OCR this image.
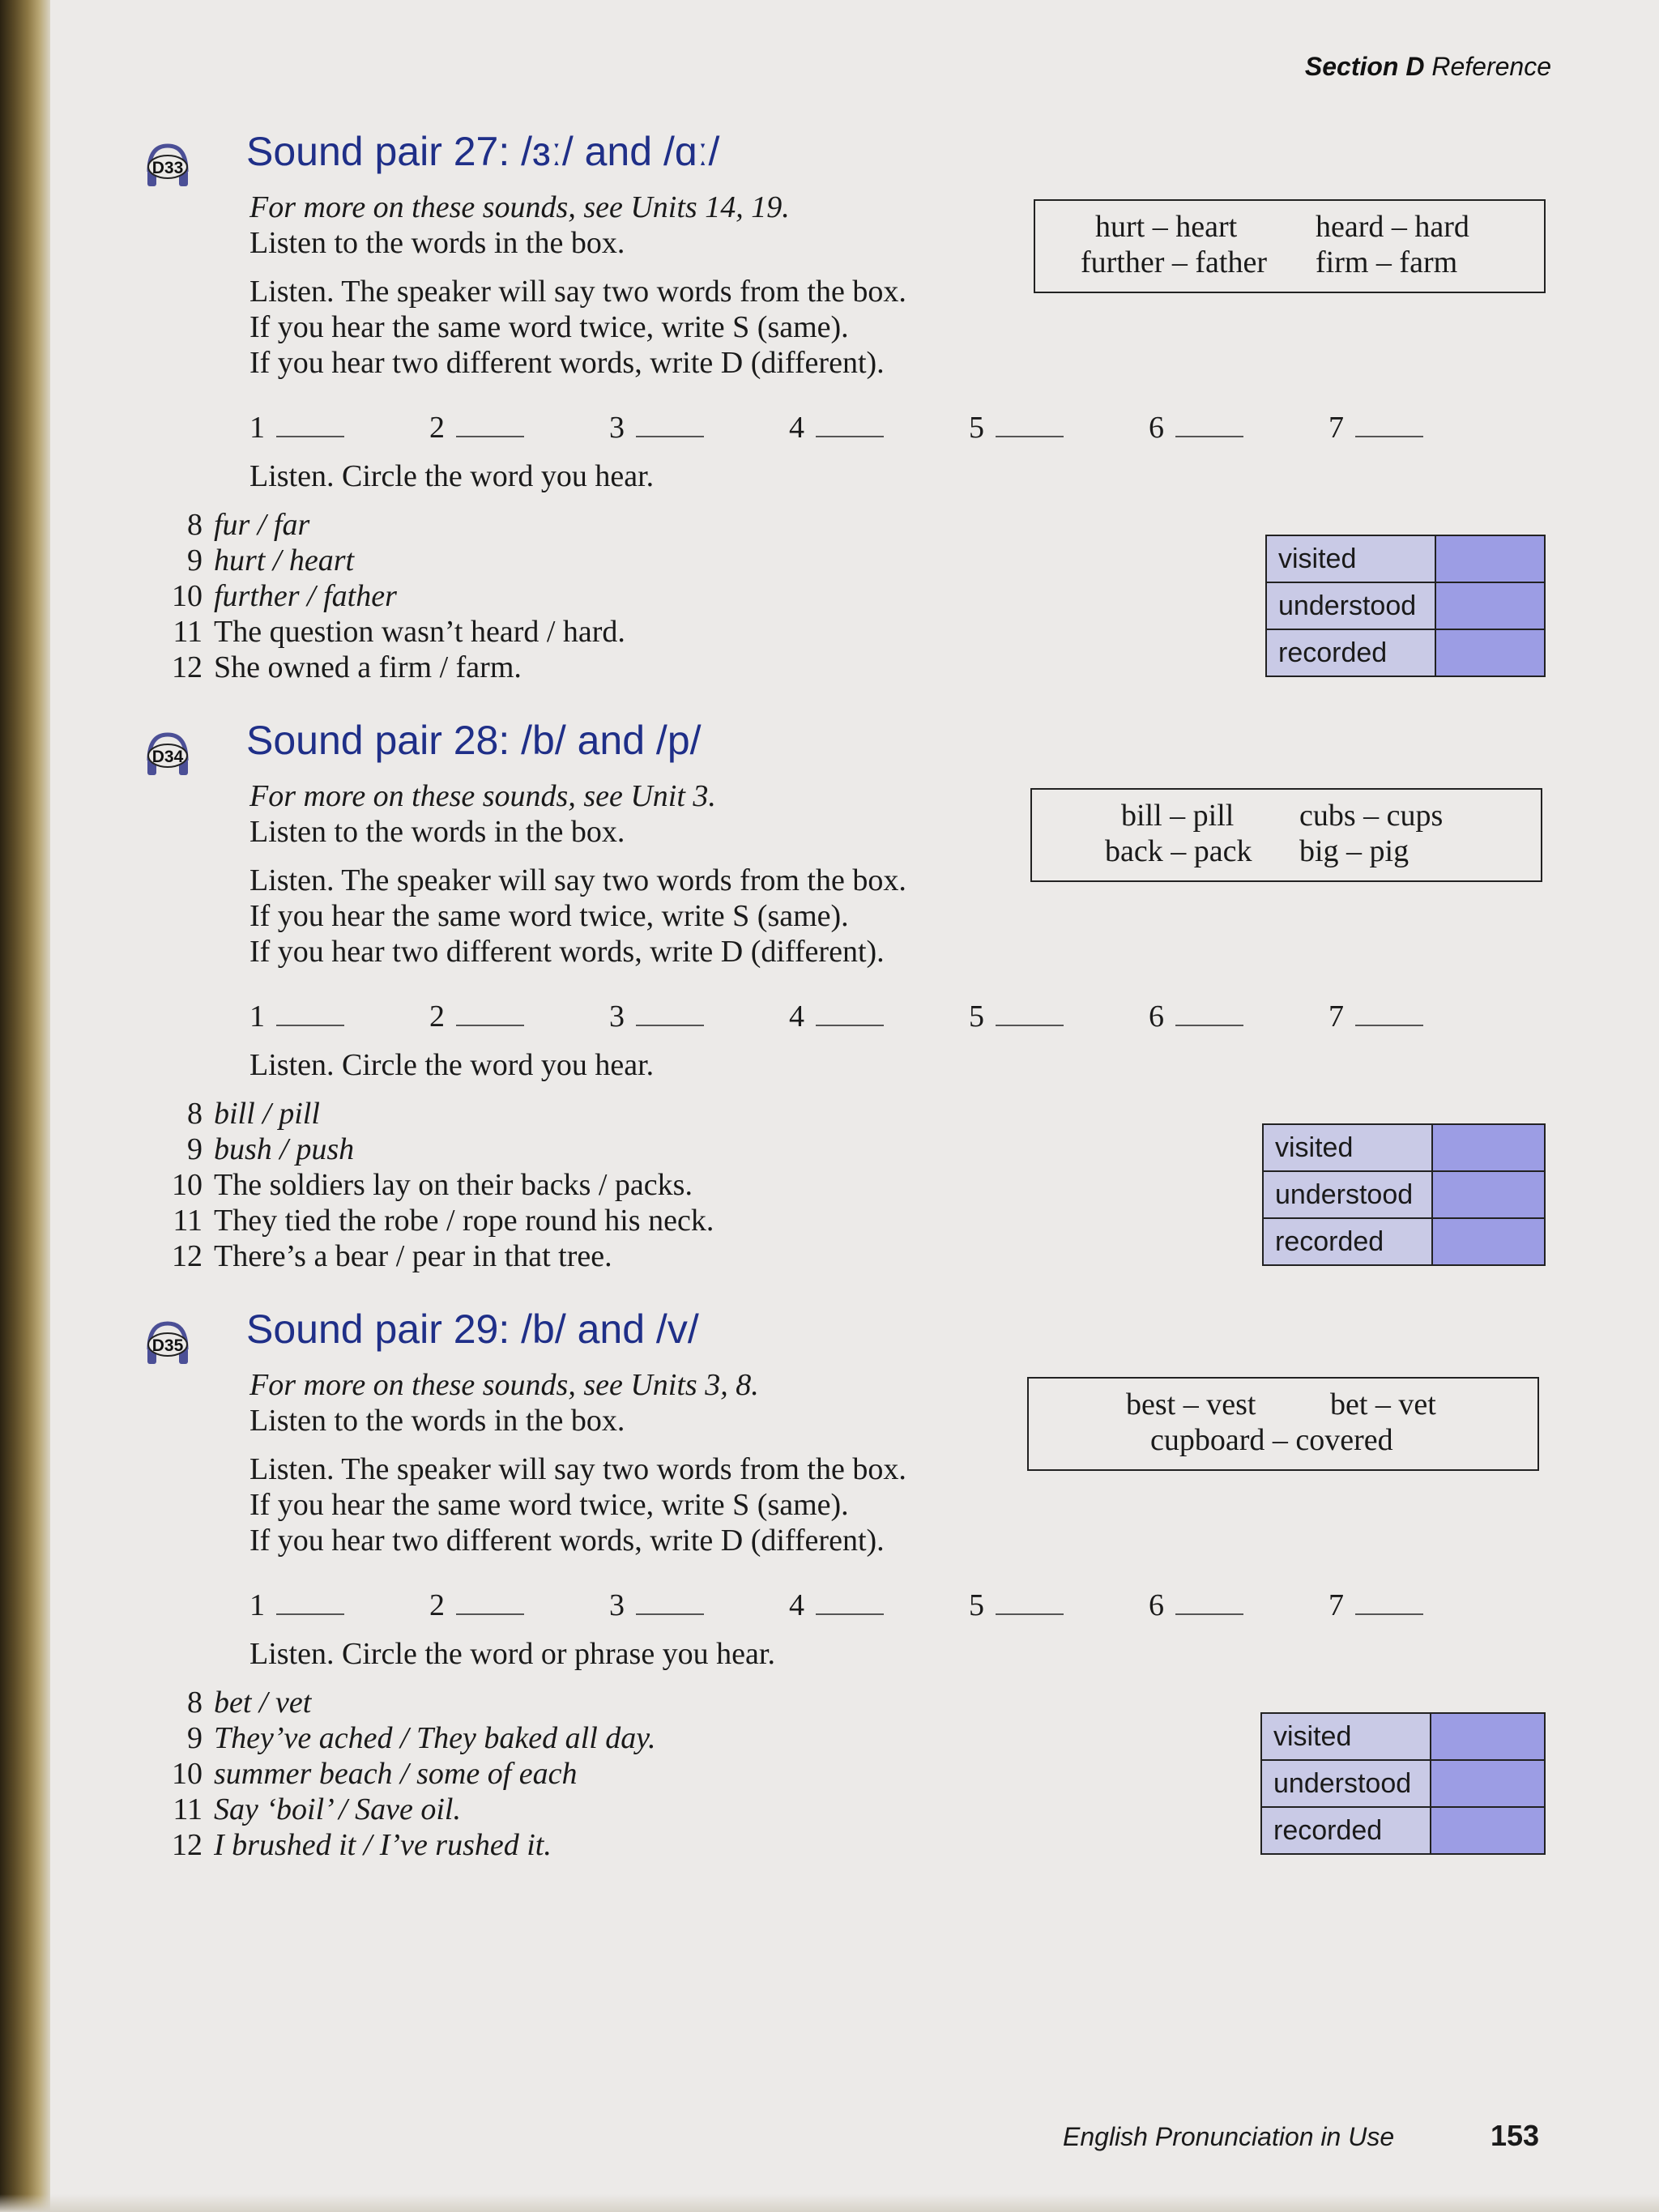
Section D Reference
D33 Sound pair 27: /ɜː/ and /ɑː/
For more on these sounds, see Units 14, 19.
Listen to the words in the box.	hurt – heart	heard – hard
further – father firm – farm
Listen. The speaker will say two words from the box.
If you hear the same word twice, write S (same).
If you hear two different words, write D (different).
1	2	3	4	5	6	7
Listen. Circle the word you hear.
8 fur / far
9 hurt / heart
10 further / father
11 The question wasn’t heard / hard.
12 She owned a firm / farm.
visited	
understood	
recorded	
D34 Sound pair 28: /b/ and /p/
For more on these sounds, see Unit 3.
Listen to the words in the box.	bill – pill cubs – cups
back – pack big – pig
Listen. The speaker will say two words from the box.
If you hear the same word twice, write S (same).
If you hear two different words, write D (different).
1	2	3	4	5	6	7
Listen. Circle the word you hear.
8 bill / pill
9 bush / push
10 The soldiers lay on their backs / packs.
11 They tied the robe / rope round his neck.
12 There’s a bear / pear in that tree.
visited	
understood	
recorded	
D35 Sound pair 29: /b/ and /v/
For more on these sounds, see Units 3, 8.
Listen to the words in the box.	best – vest bet – vet
cupboard – covered
Listen. The speaker will say two words from the box.
If you hear the same word twice, write S (same).
If you hear two different words, write D (different).
1	2	3	4	5	6	7
Listen. Circle the word or phrase you hear.
8 bet / vet
9 They’ve ached / They baked all day.
10 summer beach / some of each
11 Say ‘boil’ / Save oil.
12 I brushed it / I’ve rushed it.
visited	
understood	
recorded	
English Pronunciation in Use	153
